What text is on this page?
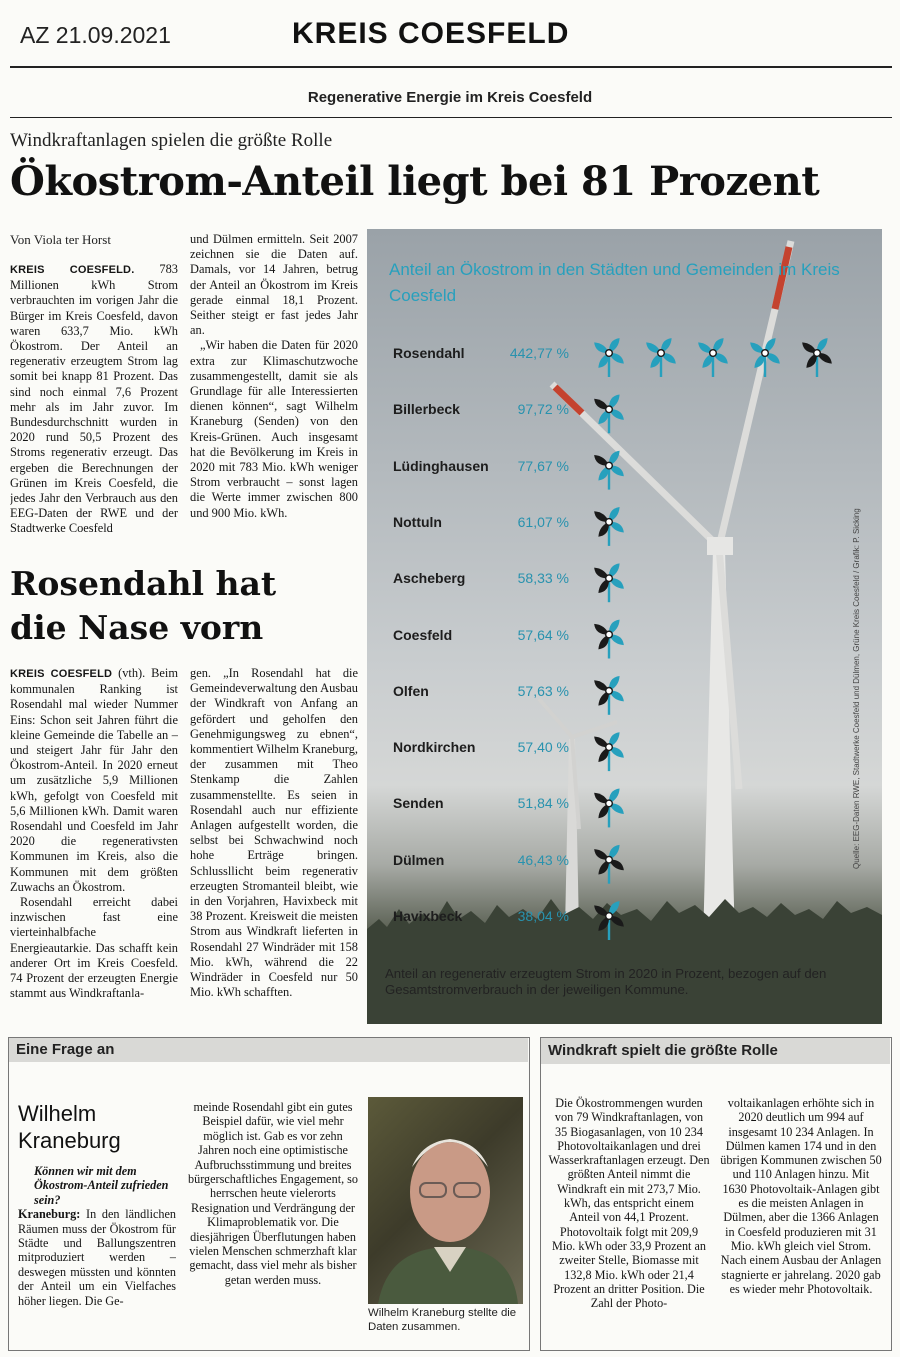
AZ 21.09.2021	KREIS COESFELD
Regenerative Energie im Kreis Coesfeld
Windkraftanlagen spielen die größte Rolle
Ökostrom-Anteil liegt bei 81 Prozent
Von Viola ter Horst

KREIS COESFELD. 783 Millionen kWh Strom verbrauchten im vorigen Jahr die Bürger im Kreis Coesfeld, davon waren 633,7 Mio. kWh Ökostrom. Der Anteil an regenerativ erzeugtem Strom lag somit bei knapp 81 Prozent. Das sind noch einmal 7,6 Prozent mehr als im Jahr zuvor. Im Bundesdurchschnitt wurden in 2020 rund 50,5 Prozent des Stroms regenerativ erzeugt. Das ergeben die Berechnungen der Grünen im Kreis Coesfeld, die jedes Jahr den Verbrauch aus den EEG-Daten der RWE und der Stadtwerke Coesfeld

und Dülmen ermitteln. Seit 2007 zeichnen sie die Daten auf. Damals, vor 14 Jahren, betrug der Anteil an Ökostrom im Kreis gerade einmal 18,1 Prozent. Seither steigt er fast jedes Jahr an.

„Wir haben die Daten für 2020 extra zur Klimaschutzwoche zusammengestellt, damit sie als Grundlage für alle Interessierten dienen können“, sagt Wilhelm Kraneburg (Senden) von den Kreis-Grünen. Auch insgesamt hat die Bevölkerung im Kreis in 2020 mit 783 Mio. kWh weniger Strom verbraucht – sonst lagen die Werte immer zwischen 800 und 900 Mio. kWh.

Rosendahl hat
die Nase vorn

KREIS COESFELD (vth). Beim kommunalen Ranking ist Rosendahl mal wieder Nummer Eins: Schon seit Jahren führt die kleine Gemeinde die Tabelle an – und steigert Jahr für Jahr den Ökostrom-Anteil. In 2020 erneut um zusätzliche 5,9 Millionen kWh, gefolgt von Coesfeld mit 5,6 Millionen kWh. Damit waren Rosendahl und Coesfeld im Jahr 2020 die regenerativsten Kommunen im Kreis, also die Kommunen mit dem größten Zuwachs an Ökostrom.

Rosendahl erreicht dabei inzwischen fast eine vierteinhalbfache Energieautarkie. Das schafft kein anderer Ort im Kreis Coesfeld. 74 Prozent der erzeugten Energie stammt aus Windkraftanla-

gen. „In Rosendahl hat die Gemeindeverwaltung den Ausbau der Windkraft von Anfang an gefördert und geholfen den Genehmigungsweg zu ebnen“, kommentiert Wilhelm Kraneburg, der zusammen mit Theo Stenkamp die Zahlen zusammenstellte. Es seien in Rosendahl auch nur effiziente Anlagen aufgestellt worden, die selbst bei Schwachwind noch hohe Erträge bringen. Schlussllicht beim regenerativ erzeugten Stromanteil bleibt, wie in den Vorjahren, Havixbeck mit 38 Prozent. Kreisweit die meisten Strom aus Windkraft lieferten in Rosendahl 27 Windräder mit 158 Mio. kWh, während die 22 Windräder in Coesfeld nur 50 Mio. kWh schafften.

Anteil an Ökostrom in den Städten und Gemeinden im Kreis Coesfeld
Rosendahl	442,77 %
Billerbeck	97,72 %
Lüdinghausen	77,67 %
Nottuln	61,07 %
Ascheberg	58,33 %
Coesfeld	57,64 %
Olfen	57,63 %
Nordkirchen	57,40 %
Senden	51,84 %
Dülmen	46,43 %
Havixbeck	38,04 %
Anteil an regenerativ erzeugtem Strom in 2020 in Prozent, bezogen auf den Gesamtstromverbrauch in der jeweiligen Kommune.
Quelle: EEG-Daten RWE, Stadtwerke Coesfeld und Dülmen, Grüne Kreis Coesfeld / Grafik: P. Sicking
Eine Frage an
Wilhelm
Kraneburg

Können wir mit dem Ökostrom-Anteil zufrieden sein?

Kraneburg: In den ländlichen Räumen muss der Ökostrom für Städte und Ballungszentren mitproduziert werden – deswegen müssten und könnten der Anteil um ein Vielfaches höher liegen. Die Ge-

meinde Rosendahl gibt ein gutes Beispiel dafür, wie viel mehr möglich ist. Gab es vor zehn Jahren noch eine optimistische Aufbruchsstimmung und breites bürgerschaftliches Engagement, so herrschen heute vielerorts Resignation und Verdrängung der Klimaproblematik vor. Die diesjährigen Überflutungen haben vielen Menschen schmerzhaft klar gemacht, dass viel mehr als bisher getan werden muss.

Wilhelm Kraneburg stellte die Daten zusammen.
Windkraft spielt die größte Rolle

Die Ökostrommengen wurden von 79 Windkraftanlagen, von 35 Biogasanlagen, von 10 234 Photovoltaikanlagen und drei Wasserkraftanlagen erzeugt. Den größten Anteil nimmt die Windkraft ein mit 273,7 Mio. kWh, das entspricht einem Anteil von 44,1 Prozent. Photovoltaik folgt mit 209,9 Mio. kWh oder 33,9 Prozent an zweiter Stelle, Biomasse mit 132,8 Mio. kWh oder 21,4 Prozent an dritter Position. Die Zahl der Photo-

voltaikanlagen erhöhte sich in 2020 deutlich um 994 auf insgesamt 10 234 Anlagen. In Dülmen kamen 174 und in den übrigen Kommunen zwischen 50 und 110 Anlagen hinzu. Mit 1630 Photovoltaik-Anlagen gibt es die meisten Anlagen in Dülmen, aber die 1366 Anlagen in Coesfeld produzieren mit 31 Mio. kWh gleich viel Strom. Nach einem Ausbau der Anlagen stagnierte er jahrelang. 2020 gab es wieder mehr Photovoltaik.
